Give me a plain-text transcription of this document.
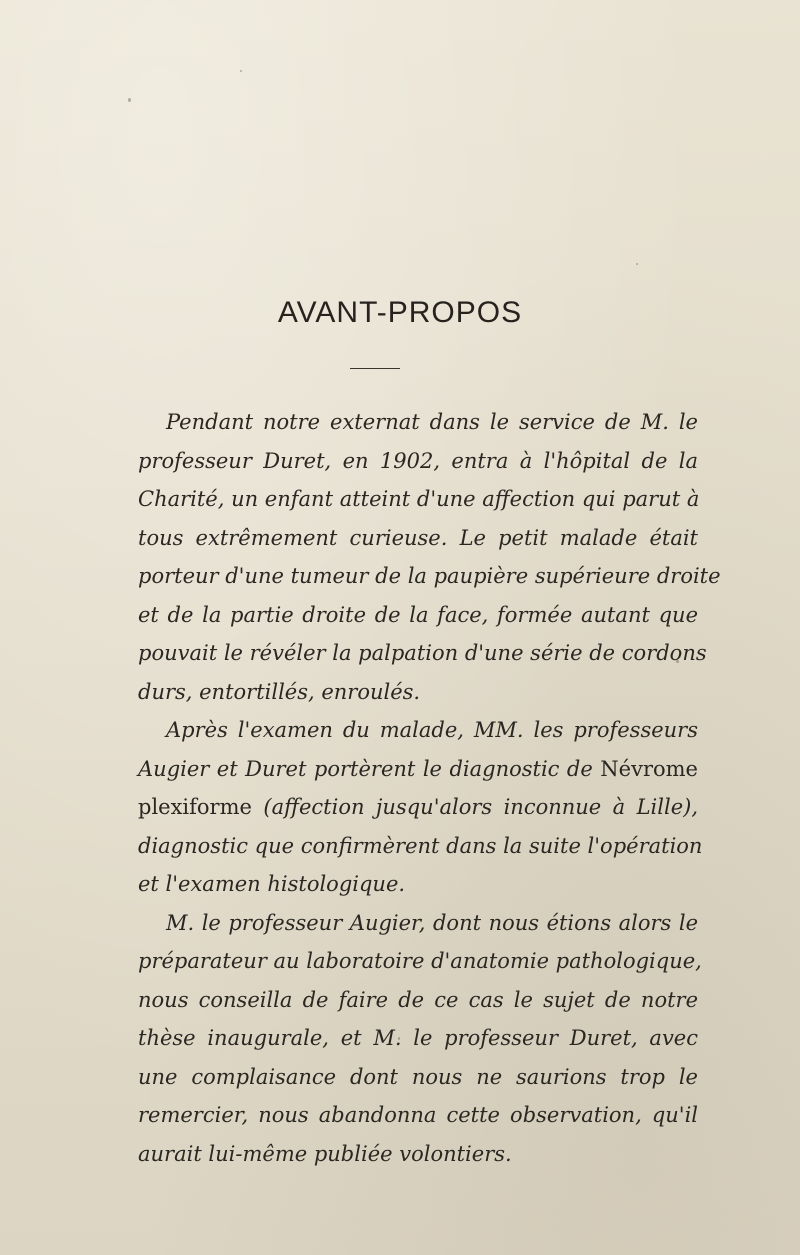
AVANT-PROPOS
Pendant notre externat dans le service de M. le
professeur Duret, en 1902, entra à l'hôpital de la
Charité, un enfant atteint d'une affection qui parut à
tous extrêmement curieuse. Le petit malade était
porteur d'une tumeur de la paupière supérieure droite
et de la partie droite de la face, formée autant que
pouvait le révéler la palpation d'une série de cordons
durs, entortillés, enroulés.
Après l'examen du malade, MM. les professeurs
Augier et Duret portèrent le diagnostic de Névrome
plexiforme (affection jusqu'alors inconnue à Lille),
diagnostic que confirmèrent dans la suite l'opération
et l'examen histologique.
M. le professeur Augier, dont nous étions alors le
préparateur au laboratoire d'anatomie pathologique,
nous conseilla de faire de ce cas le sujet de notre
thèse inaugurale, et M. le professeur Duret, avec
une complaisance dont nous ne saurions trop le
remercier, nous abandonna cette observation, qu'il
aurait lui-même publiée volontiers.
